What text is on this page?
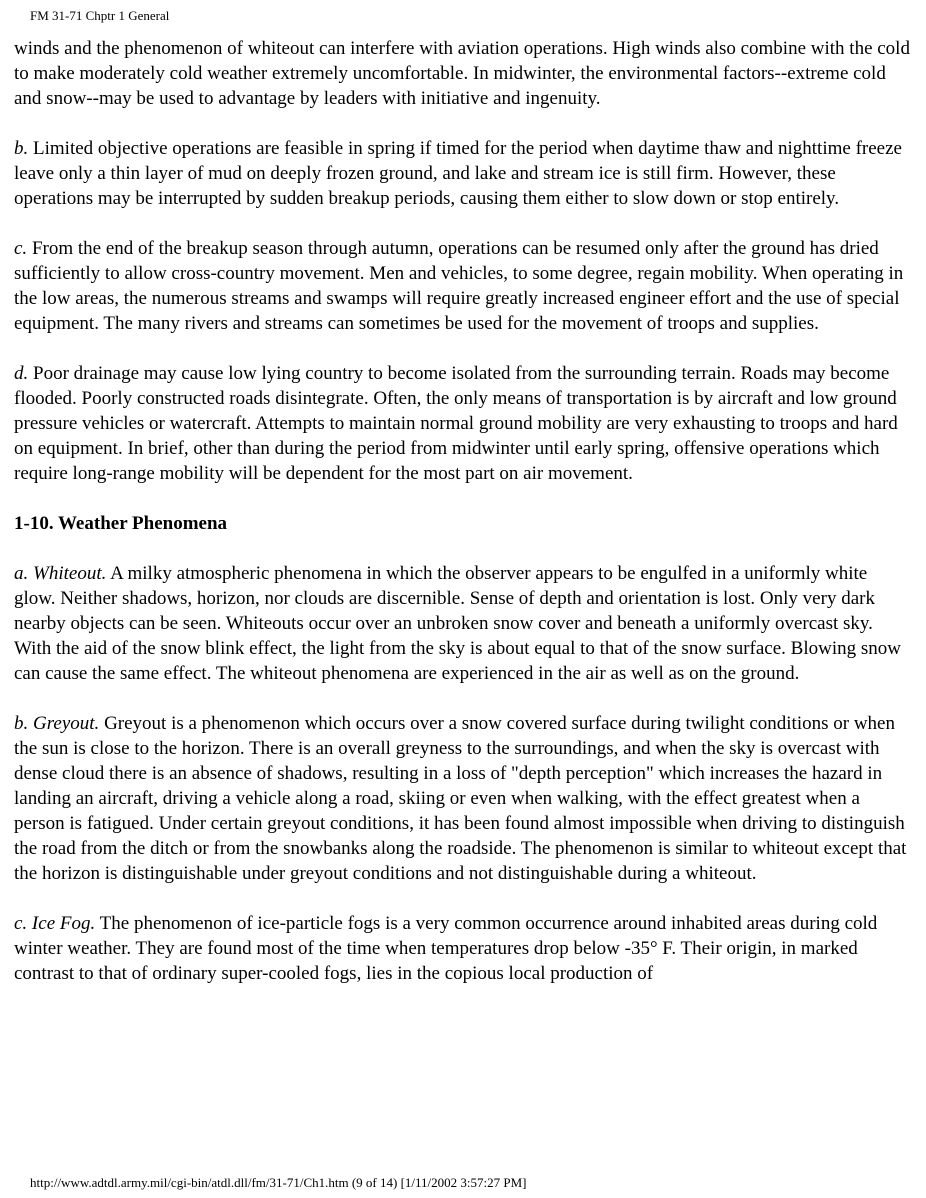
FM 31-71 Chptr 1 General

winds and the phenomenon of whiteout can interfere with aviation operations. High winds also combine with the cold to make moderately cold weather extremely uncomfortable. In midwinter, the environmental factors--extreme cold and snow--may be used to advantage by leaders with initiative and ingenuity.

b. Limited objective operations are feasible in spring if timed for the period when daytime thaw and nighttime freeze leave only a thin layer of mud on deeply frozen ground, and lake and stream ice is still firm. However, these operations may be interrupted by sudden breakup periods, causing them either to slow down or stop entirely.

c. From the end of the breakup season through autumn, operations can be resumed only after the ground has dried sufficiently to allow cross-country movement. Men and vehicles, to some degree, regain mobility. When operating in the low areas, the numerous streams and swamps will require greatly increased engineer effort and the use of special equipment. The many rivers and streams can sometimes be used for the movement of troops and supplies.

d. Poor drainage may cause low lying country to become isolated from the surrounding terrain. Roads may become flooded. Poorly constructed roads disintegrate. Often, the only means of transportation is by aircraft and low ground pressure vehicles or watercraft. Attempts to maintain normal ground mobility are very exhausting to troops and hard on equipment. In brief, other than during the period from midwinter until early spring, offensive operations which require long-range mobility will be dependent for the most part on air movement.

1-10. Weather Phenomena

a. Whiteout. A milky atmospheric phenomena in which the observer appears to be engulfed in a uniformly white glow. Neither shadows, horizon, nor clouds are discernible. Sense of depth and orientation is lost. Only very dark nearby objects can be seen. Whiteouts occur over an unbroken snow cover and beneath a uniformly overcast sky. With the aid of the snow blink effect, the light from the sky is about equal to that of the snow surface. Blowing snow can cause the same effect. The whiteout phenomena are experienced in the air as well as on the ground.

b. Greyout. Greyout is a phenomenon which occurs over a snow covered surface during twilight conditions or when the sun is close to the horizon. There is an overall greyness to the surroundings, and when the sky is overcast with dense cloud there is an absence of shadows, resulting in a loss of "depth perception" which increases the hazard in landing an aircraft, driving a vehicle along a road, skiing or even when walking, with the effect greatest when a person is fatigued. Under certain greyout conditions, it has been found almost impossible when driving to distinguish the road from the ditch or from the snowbanks along the roadside. The phenomenon is similar to whiteout except that the horizon is distinguishable under greyout conditions and not distinguishable during a whiteout.

c. Ice Fog. The phenomenon of ice-particle fogs is a very common occurrence around inhabited areas during cold winter weather. They are found most of the time when temperatures drop below -35° F. Their origin, in marked contrast to that of ordinary super-cooled fogs, lies in the copious local production of

http://www.adtdl.army.mil/cgi-bin/atdl.dll/fm/31-71/Ch1.htm (9 of 14) [1/11/2002 3:57:27 PM]
